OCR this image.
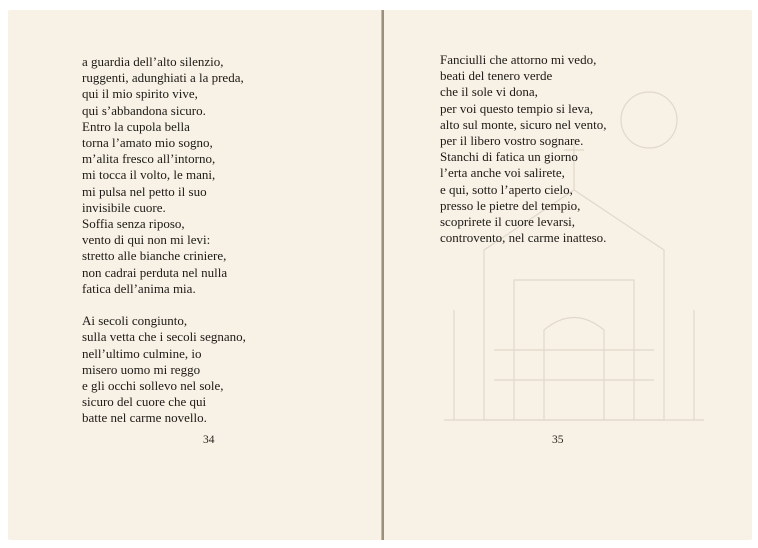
a guardia dell’alto silenzio,
ruggenti, adunghiati a la preda,
qui il mio spirito vive,
qui s’abbandona sicuro.
Entro la cupola bella
torna l’amato mio sogno,
m’alita fresco all’intorno,
mi tocca il volto, le mani,
mi pulsa nel petto il suo
invisibile cuore.
Soffia senza riposo,
vento di qui non mi levi:
stretto alle bianche criniere,
non cadrai perduta nel nulla
fatica dell’anima mia.
Ai secoli congiunto,
sulla vetta che i secoli segnano,
nell’ultimo culmine, io
misero uomo mi reggo
e gli occhi sollevo nel sole,
sicuro del cuore che qui
batte nel carme novello.
34
Fanciulli che attorno mi vedo,
beati del tenero verde
che il sole vi dona,
per voi questo tempio si leva,
alto sul monte, sicuro nel vento,
per il libero vostro sognare.
Stanchi di fatica un giorno
l’erta anche voi salirete,
e qui, sotto l’aperto cielo,
presso le pietre del tempio,
scoprirete il cuore levarsi,
controvento, nel carme inatteso.
35
